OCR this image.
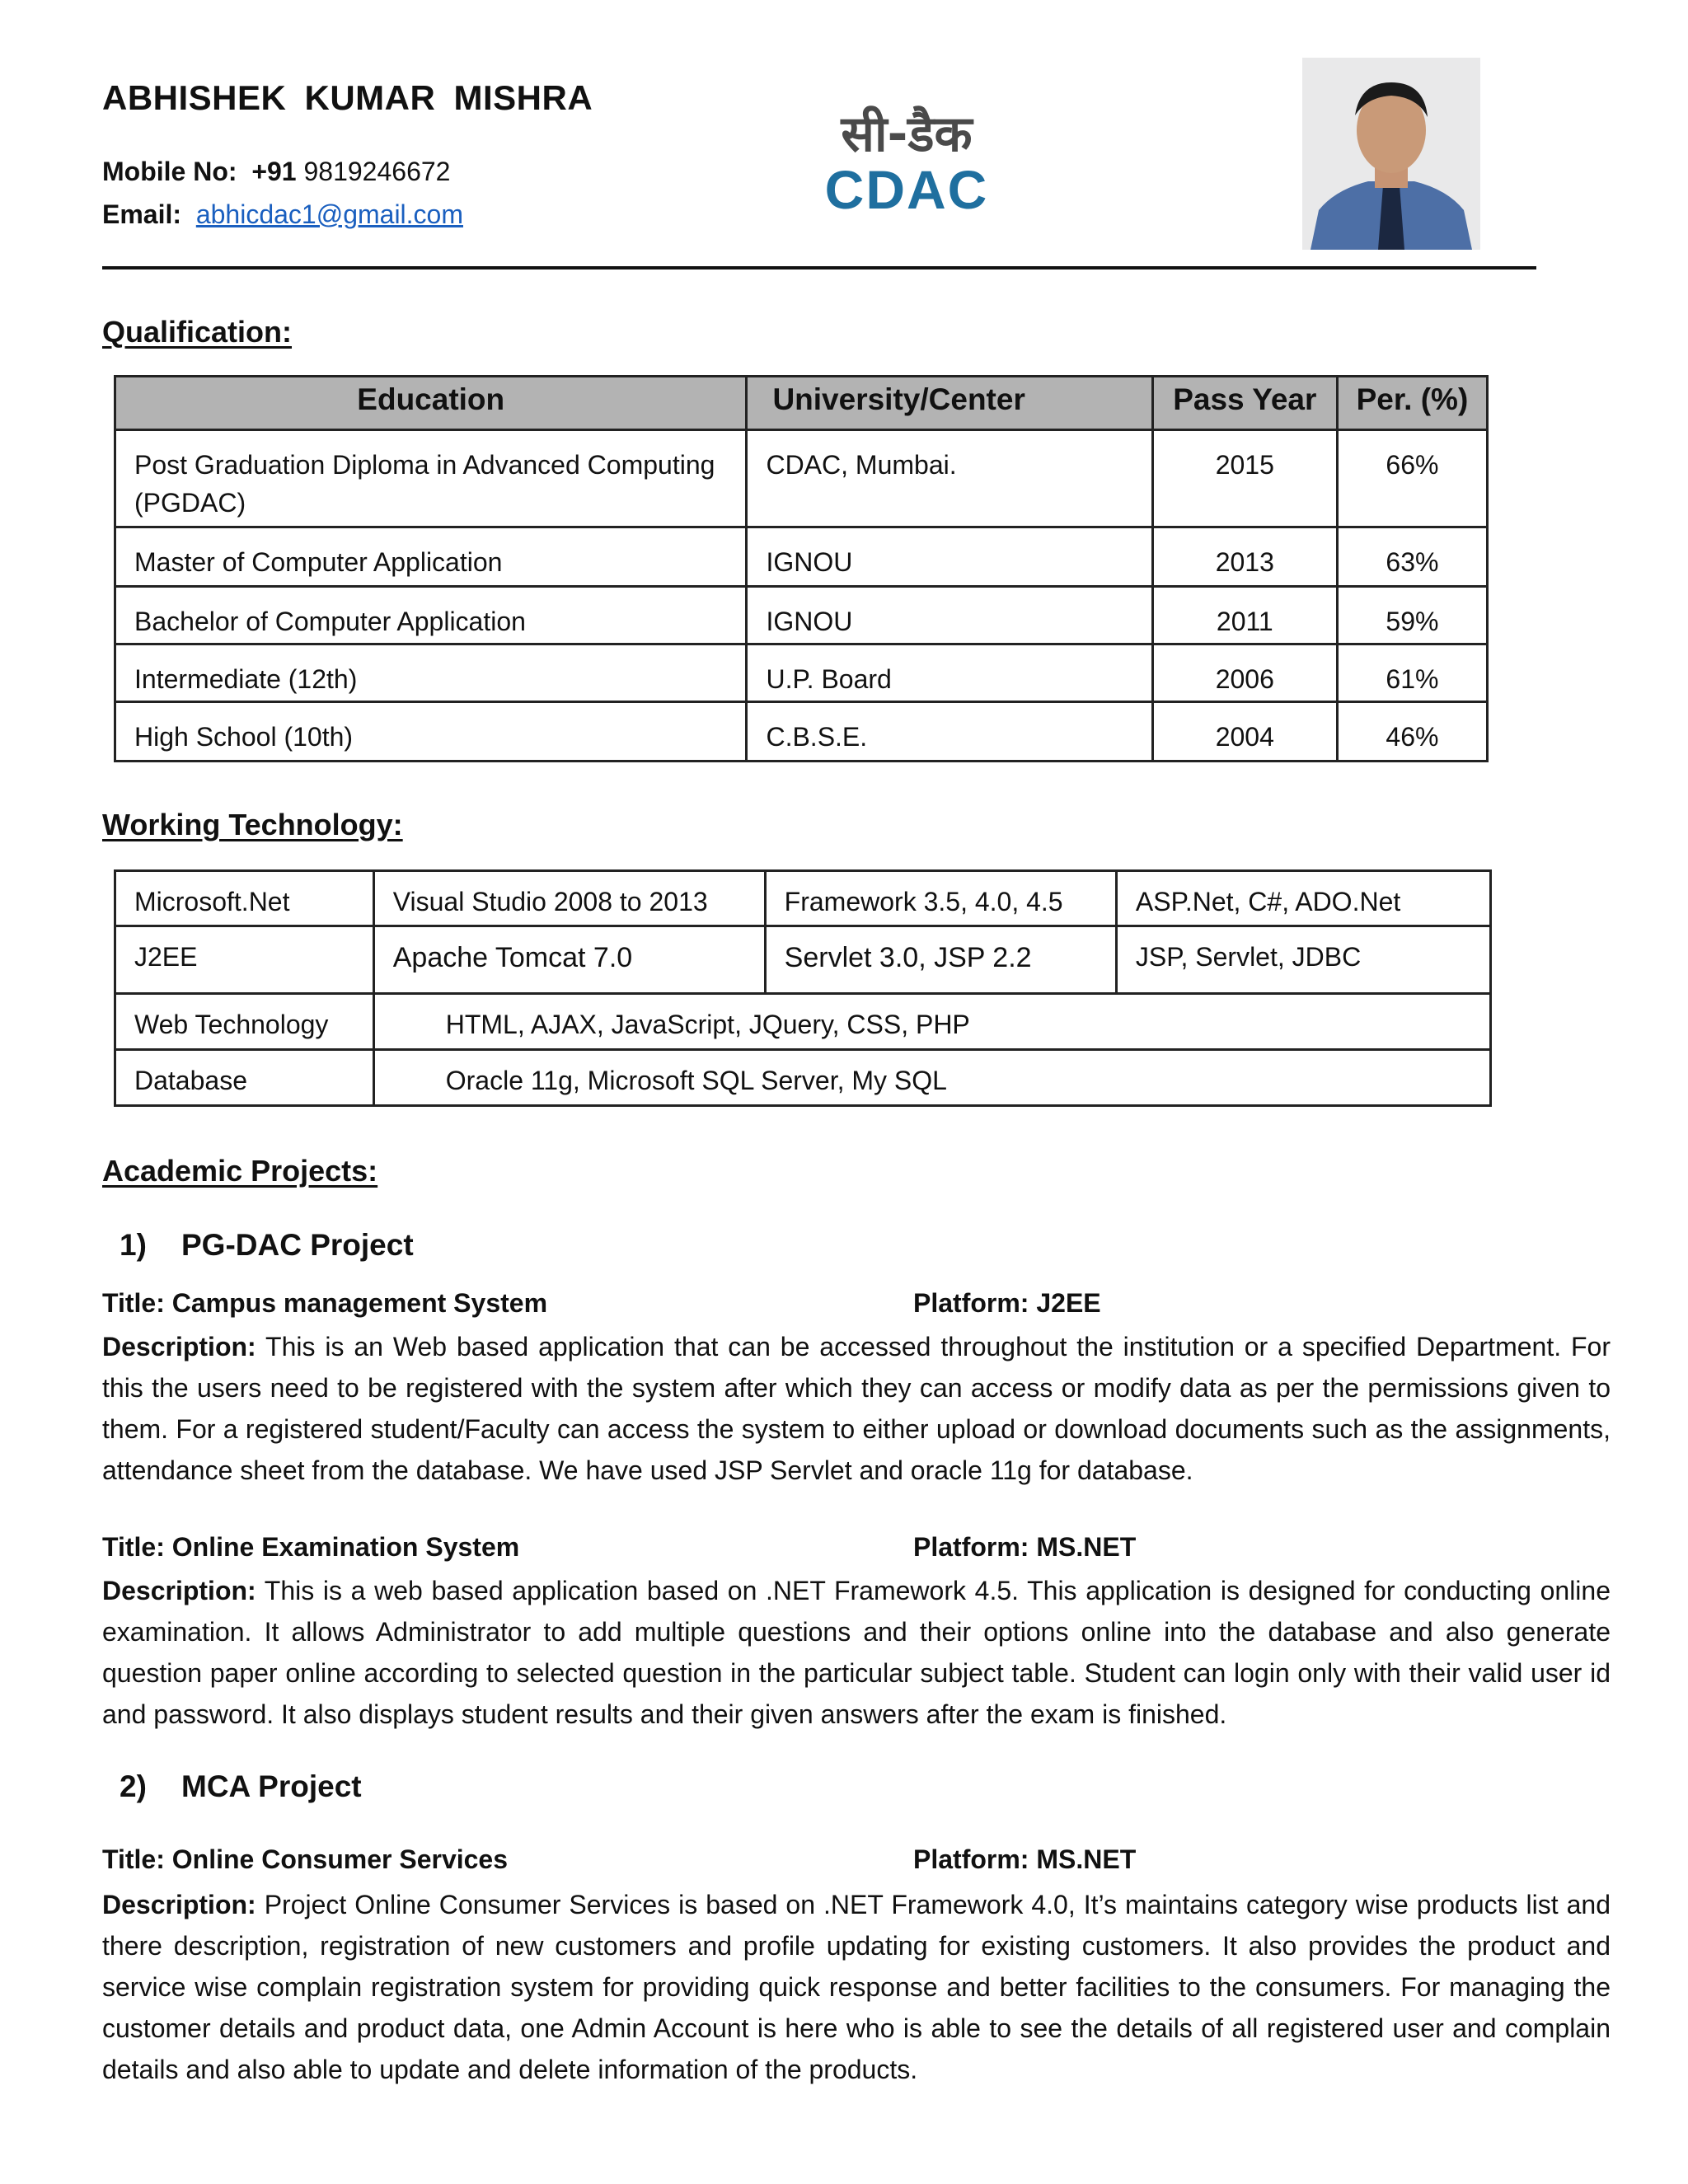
ABHISHEK KUMAR MISHRA
Mobile No: +91 9819246672
Email: abhicdac1@gmail.com
सी-डैक
CDAC
Qualification:
Education	University/Center	Pass Year	Per. (%)
Post Graduation Diploma in Advanced Computing (PGDAC)	CDAC, Mumbai.	2015	66%
Master of Computer Application	IGNOU	2013	63%
Bachelor of Computer Application	IGNOU	2011	59%
Intermediate (12th)	U.P. Board	2006	61%
High School (10th)	C.B.S.E.	2004	46%
Working Technology:
Microsoft.Net	Visual Studio 2008 to 2013	Framework 3.5, 4.0, 4.5	ASP.Net, C#, ADO.Net
J2EE	Apache Tomcat 7.0	Servlet 3.0, JSP 2.2	JSP, Servlet, JDBC
Web Technology	HTML, AJAX, JavaScript, JQuery, CSS, PHP		
Database	Oracle 11g, Microsoft SQL Server, My SQL		
Academic Projects:
1) PG-DAC Project
Title: Campus management System	Platform: J2EE
Description: This is an Web based application that can be accessed throughout the institution or a specified Department. For this the users need to be registered with the system after which they can access or modify data as per the permissions given to them. For a registered student/Faculty can access the system to either upload or download documents such as the assignments, attendance sheet from the database. We have used JSP Servlet and oracle 11g for database.
Title: Online Examination System	Platform: MS.NET
Description: This is a web based application based on .NET Framework 4.5. This application is designed for conducting online examination. It allows Administrator to add multiple questions and their options online into the database and also generate question paper online according to selected question in the particular subject table. Student can login only with their valid user id and password. It also displays student results and their given answers after the exam is finished.
2) MCA Project
Title: Online Consumer Services	Platform: MS.NET
Description: Project Online Consumer Services is based on .NET Framework 4.0, It’s maintains category wise products list and there description, registration of new customers and profile updating for existing customers. It also provides the product and service wise complain registration system for providing quick response and better facilities to the consumers. For managing the customer details and product data, one Admin Account is here who is able to see the details of all registered user and complain details and also able to update and delete information of the products.
